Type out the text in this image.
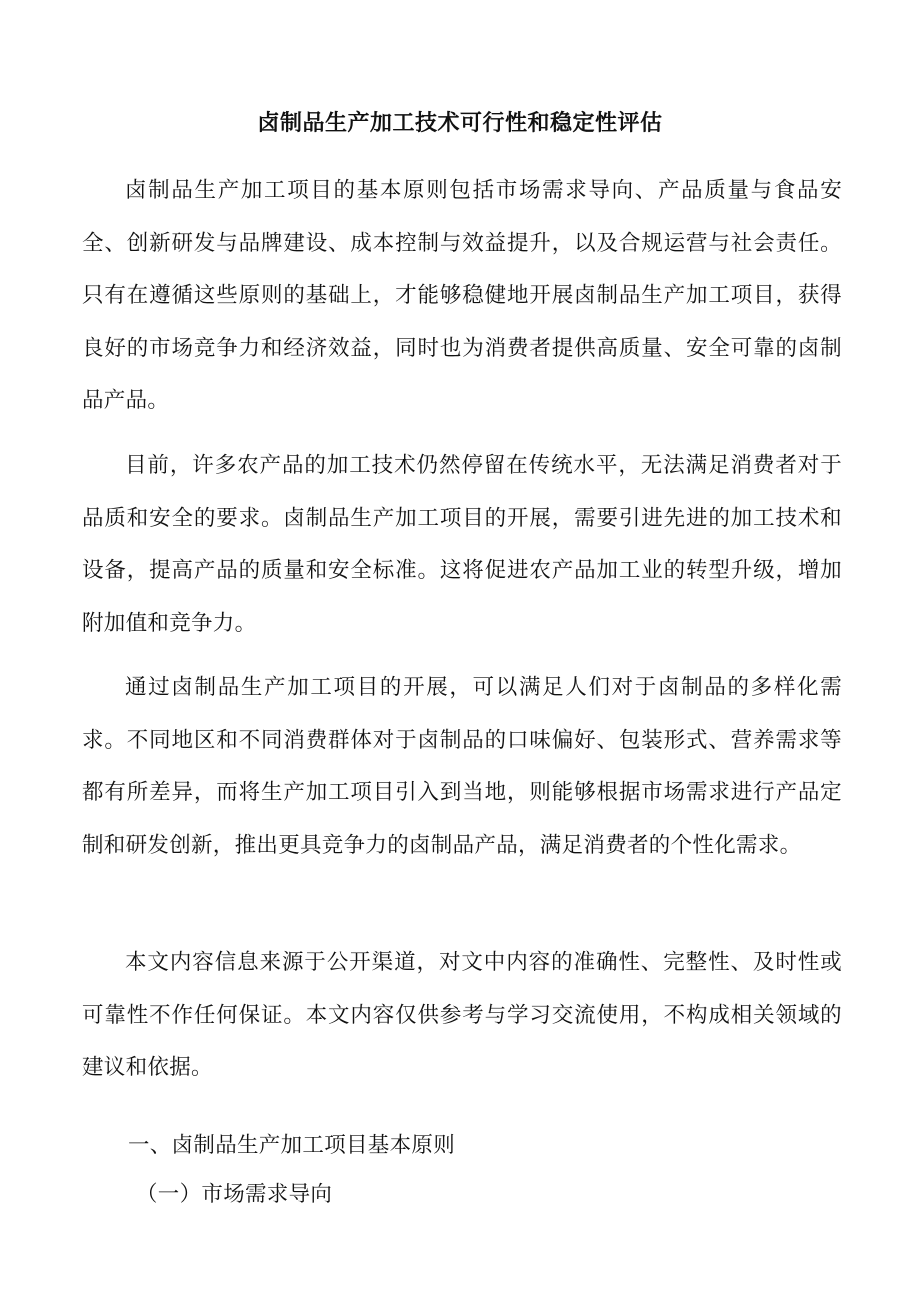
卤制品生产加工技术可行性和稳定性评估

卤制品生产加工项目的基本原则包括市场需求导向、产品质量与食品安全、创新研发与品牌建设、成本控制与效益提升，以及合规运营与社会责任。只有在遵循这些原则的基础上，才能够稳健地开展卤制品生产加工项目，获得良好的市场竞争力和经济效益，同时也为消费者提供高质量、安全可靠的卤制品产品。

目前，许多农产品的加工技术仍然停留在传统水平，无法满足消费者对于品质和安全的要求。卤制品生产加工项目的开展，需要引进先进的加工技术和设备，提高产品的质量和安全标准。这将促进农产品加工业的转型升级，增加附加值和竞争力。

通过卤制品生产加工项目的开展，可以满足人们对于卤制品的多样化需求。不同地区和不同消费群体对于卤制品的口味偏好、包装形式、营养需求等都有所差异，而将生产加工项目引入到当地，则能够根据市场需求进行产品定制和研发创新，推出更具竞争力的卤制品产品，满足消费者的个性化需求。

本文内容信息来源于公开渠道，对文中内容的准确性、完整性、及时性或可靠性不作任何保证。本文内容仅供参考与学习交流使用，不构成相关领域的建议和依据。

一、卤制品生产加工项目基本原则

（一）市场需求导向
